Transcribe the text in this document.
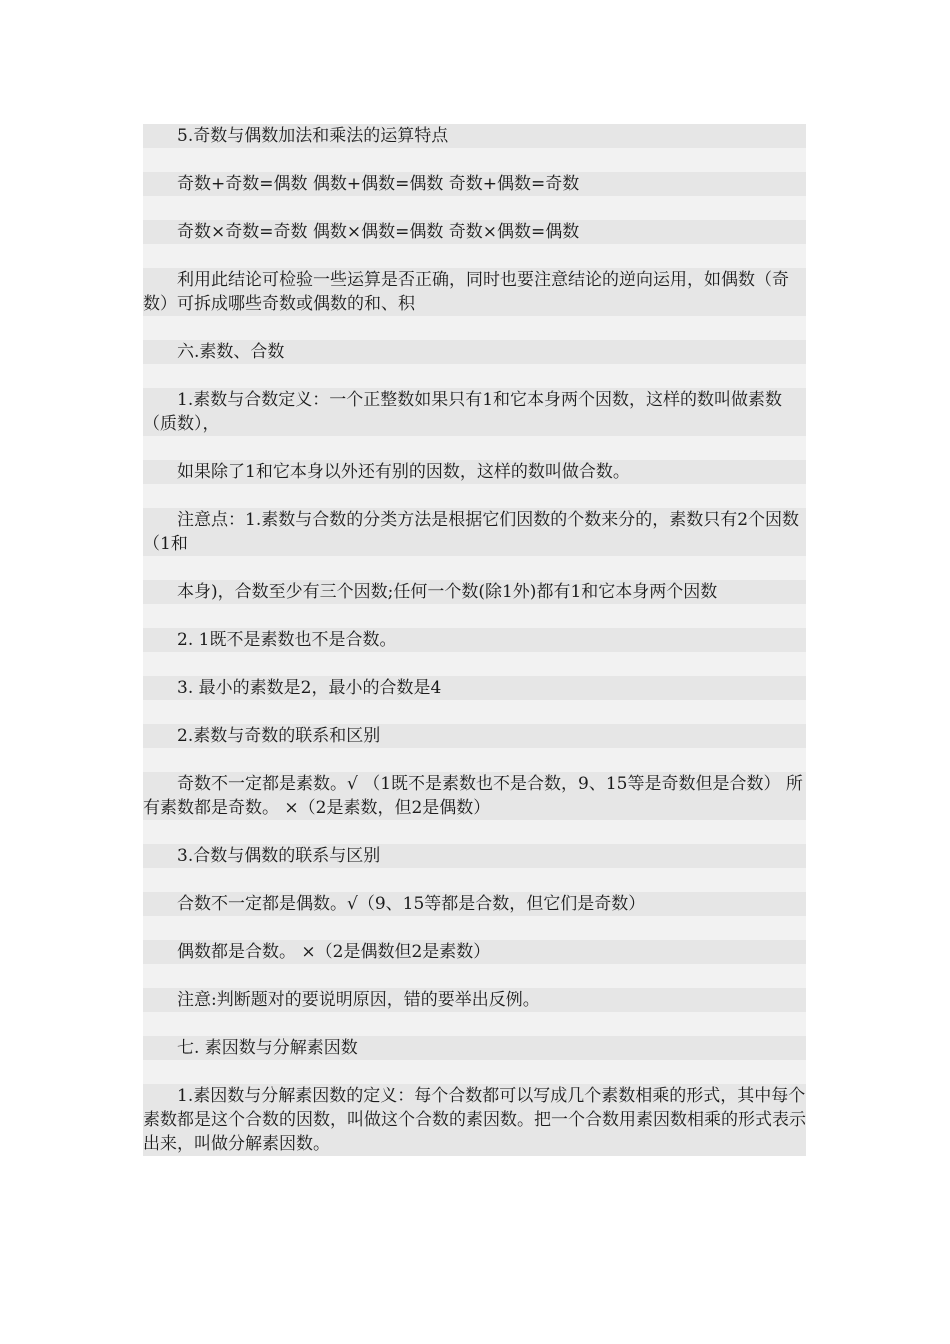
5.奇数与偶数加法和乘法的运算特点

奇数+奇数=偶数 偶数+偶数=偶数 奇数+偶数=奇数

奇数×奇数=奇数 偶数×偶数=偶数 奇数×偶数=偶数

利用此结论可检验一些运算是否正确，同时也要注意结论的逆向运用，如偶数（奇数）可拆成哪些奇数或偶数的和、积

六.素数、合数

1.素数与合数定义：一个正整数如果只有1和它本身两个因数，这样的数叫做素数（质数），

如果除了1和它本身以外还有别的因数，这样的数叫做合数。

注意点：1.素数与合数的分类方法是根据它们因数的个数来分的，素数只有2个因数（1和

本身)，合数至少有三个因数;任何一个数(除1外)都有1和它本身两个因数

2. 1既不是素数也不是合数。

3. 最小的素数是2，最小的合数是4

2.素数与奇数的联系和区别

奇数不一定都是素数。√ （1既不是素数也不是合数，9、15等是奇数但是合数） 所有素数都是奇数。 ×（2是素数，但2是偶数）

3.合数与偶数的联系与区别

合数不一定都是偶数。√（9、15等都是合数，但它们是奇数）

偶数都是合数。 ×（2是偶数但2是素数）

注意:判断题对的要说明原因，错的要举出反例。

七. 素因数与分解素因数

1.素因数与分解素因数的定义：每个合数都可以写成几个素数相乘的形式，其中每个素数都是这个合数的因数，叫做这个合数的素因数。把一个合数用素因数相乘的形式表示出来，叫做分解素因数。
